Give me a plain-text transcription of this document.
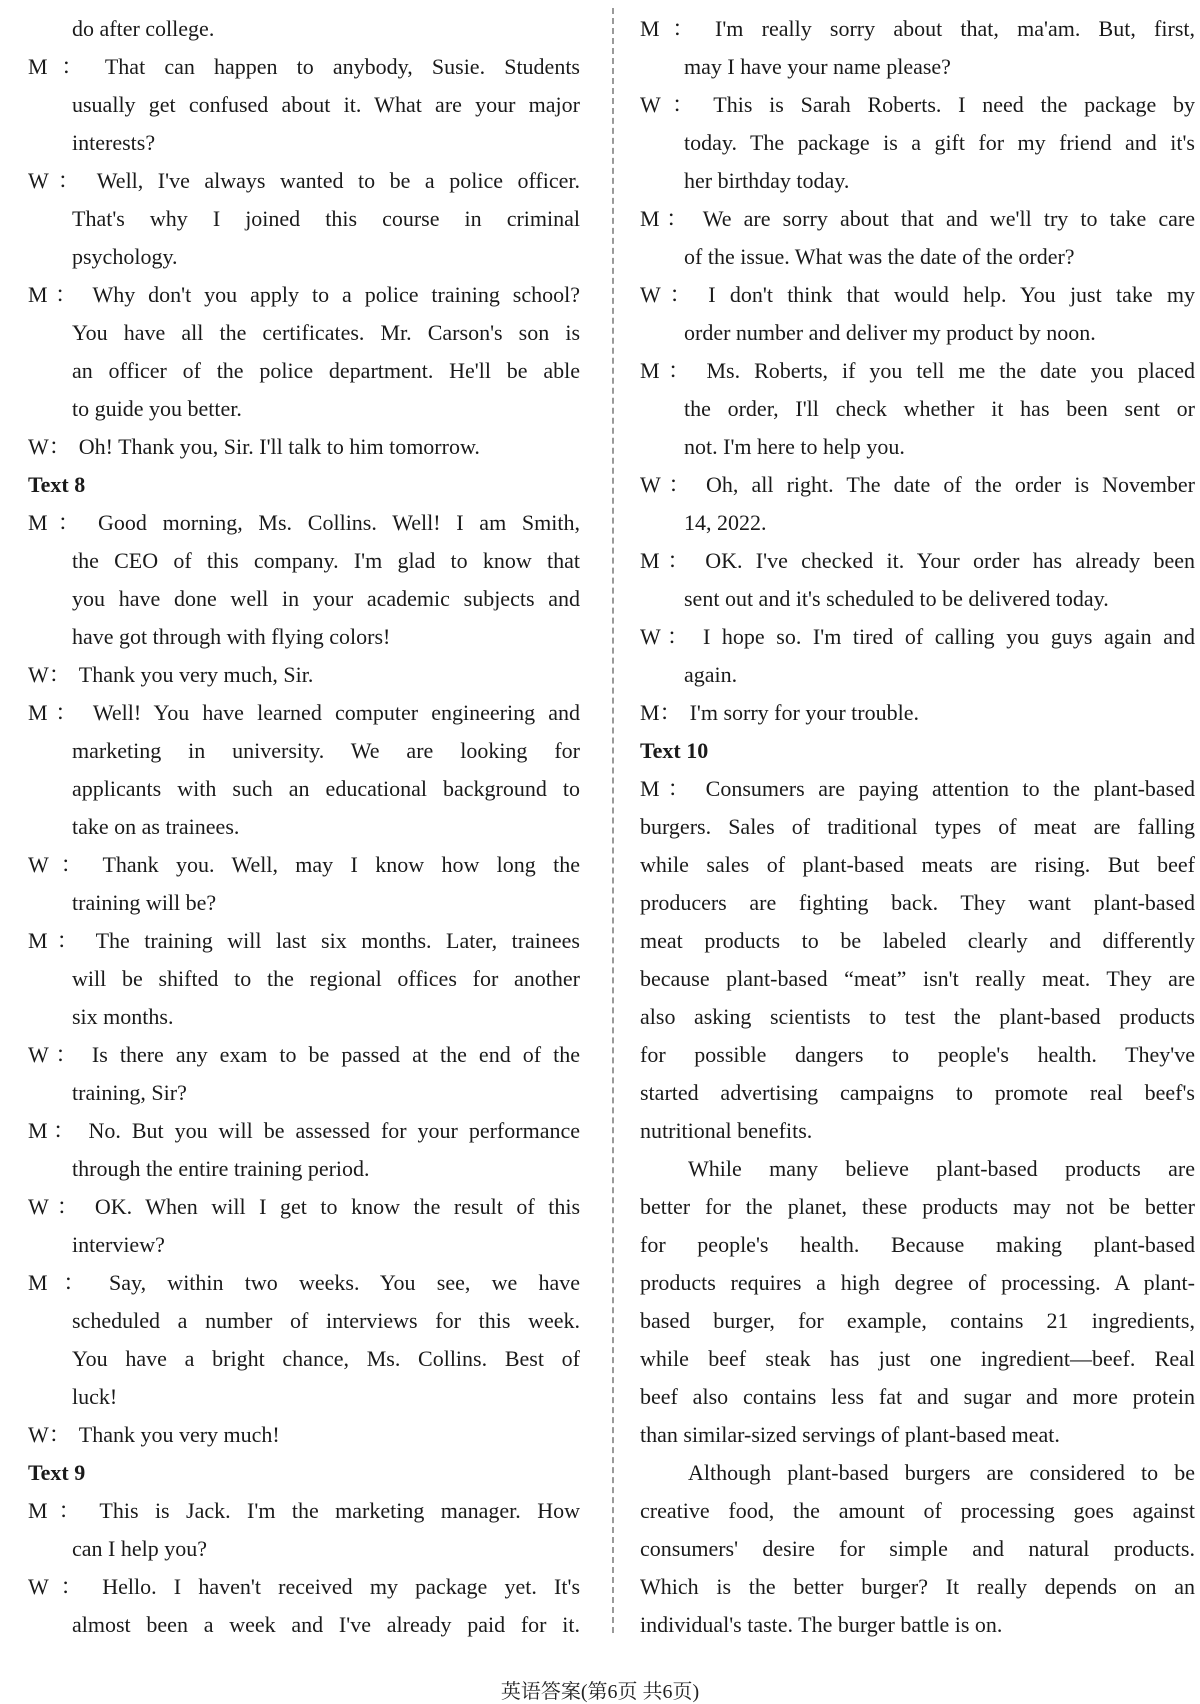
do after college.
M： That can happen to anybody, Susie. Students
usually get confused about it. What are your major
interests?
W： Well, I've always wanted to be a police officer.
That's why I joined this course in criminal
psychology.
M： Why don't you apply to a police training school?
You have all the certificates. Mr. Carson's son is
an officer of the police department. He'll be able
to guide you better.
W： Oh! Thank you, Sir. I'll talk to him tomorrow.
Text 8
M： Good morning, Ms. Collins. Well! I am Smith,
the CEO of this company. I'm glad to know that
you have done well in your academic subjects and
have got through with flying colors!
W： Thank you very much, Sir.
M： Well! You have learned computer engineering and
marketing in university. We are looking for
applicants with such an educational background to
take on as trainees.
W： Thank you. Well, may I know how long the
training will be?
M： The training will last six months. Later, trainees
will be shifted to the regional offices for another
six months.
W： Is there any exam to be passed at the end of the
training, Sir?
M： No. But you will be assessed for your performance
through the entire training period.
W： OK. When will I get to know the result of this
interview?
M： Say, within two weeks. You see, we have
scheduled a number of interviews for this week.
You have a bright chance, Ms. Collins. Best of
luck!
W： Thank you very much!
Text 9
M： This is Jack. I'm the marketing manager. How
can I help you?
W： Hello. I haven't received my package yet. It's
almost been a week and I've already paid for it.
M： I'm really sorry about that, ma'am. But, first,
may I have your name please?
W： This is Sarah Roberts. I need the package by
today. The package is a gift for my friend and it's
her birthday today.
M： We are sorry about that and we'll try to take care
of the issue. What was the date of the order?
W： I don't think that would help. You just take my
order number and deliver my product by noon.
M： Ms. Roberts, if you tell me the date you placed
the order, I'll check whether it has been sent or
not. I'm here to help you.
W： Oh, all right. The date of the order is November
14, 2022.
M： OK. I've checked it. Your order has already been
sent out and it's scheduled to be delivered today.
W： I hope so. I'm tired of calling you guys again and
again.
M： I'm sorry for your trouble.
Text 10
M： Consumers are paying attention to the plant-based
burgers. Sales of traditional types of meat are falling
while sales of plant-based meats are rising. But beef
producers are fighting back. They want plant-based
meat products to be labeled clearly and differently
because plant-based “meat” isn't really meat. They are
also asking scientists to test the plant-based products
for possible dangers to people's health. They've
started advertising campaigns to promote real beef's
nutritional benefits.
While many believe plant-based products are
better for the planet, these products may not be better
for people's health. Because making plant-based
products requires a high degree of processing. A plant-
based burger, for example, contains 21 ingredients,
while beef steak has just one ingredient—beef. Real
beef also contains less fat and sugar and more protein
than similar-sized servings of plant-based meat.
Although plant-based burgers are considered to be
creative food, the amount of processing goes against
consumers' desire for simple and natural products.
Which is the better burger? It really depends on an
individual's taste. The burger battle is on.
英语答案(第6页 共6页)
